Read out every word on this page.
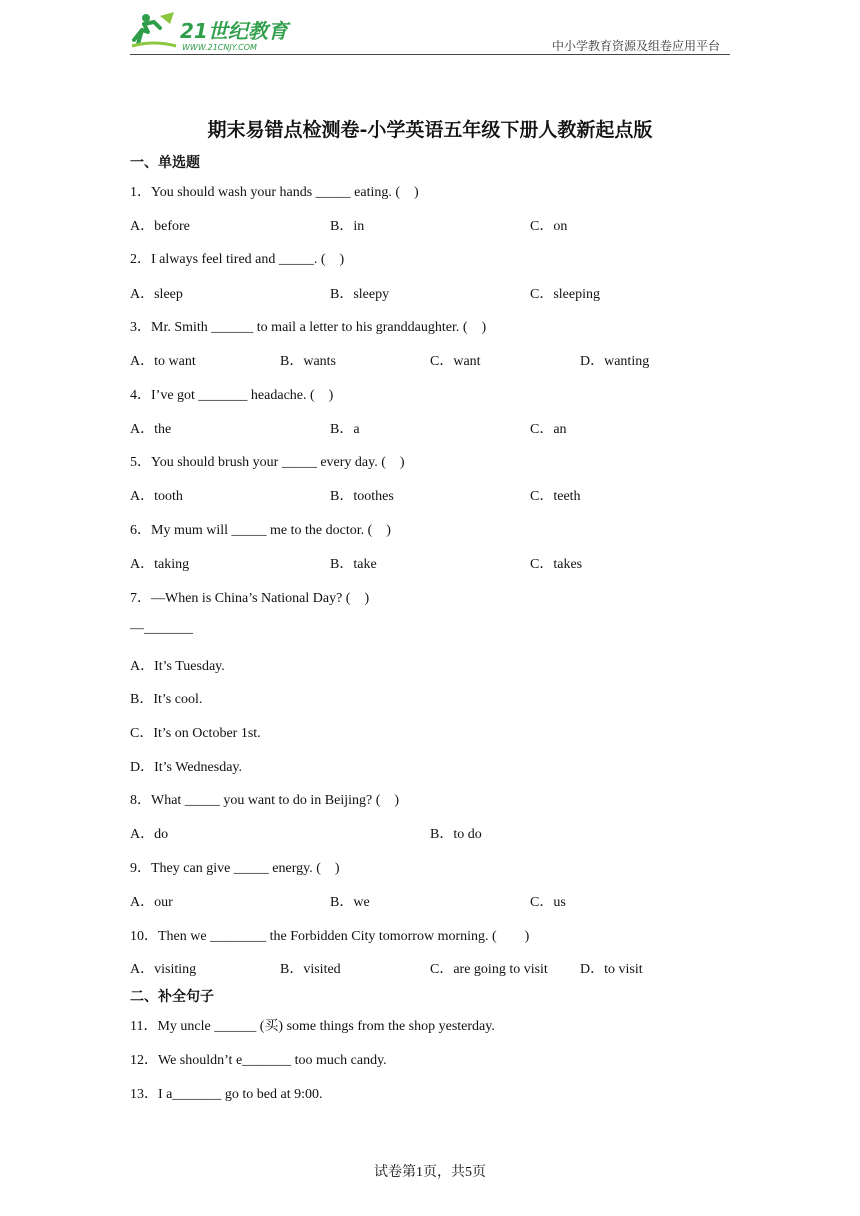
21世纪教育
WWW.21CNJY.COM	中小学教育资源及组卷应用平台
期末易错点检测卷-小学英语五年级下册人教新起点版
一、单选题
二、补全句子
1．You should wash your hands _____ eating. (    )
A．before	B．in	C．on
2．I always feel tired and _____. (    )
A．sleep	B．sleepy	C．sleeping
3．Mr. Smith ______ to mail a letter to his granddaughter. (    )
A．to want	B．wants	C．want	D．wanting
4．I’ve got _______ headache. (    )
A．the	B．a	C．an
5．You should brush your _____ every day. (    )
A．tooth	B．toothes	C．teeth
6．My mum will _____ me to the doctor. (    )
A．taking	B．take	C．takes
7．—When is China’s National Day? (    )
—_______
A．It’s Tuesday.
B．It’s cool.
C．It’s on October 1st.
D．It’s Wednesday.
8．What _____ you want to do in Beijing? (    )
A．do	B．to do
9．They can give _____ energy. (    )
A．our	B．we	C．us
10．Then we ________ the Forbidden City tomorrow morning. (        )
A．visiting	B．visited	C．are going to visit D．to visit
11．My uncle ______ (买) some things from the shop yesterday.
12．We shouldn’t e_______ too much candy.
13．I a_______ go to bed at 9:00.
试卷第1页，共5页
